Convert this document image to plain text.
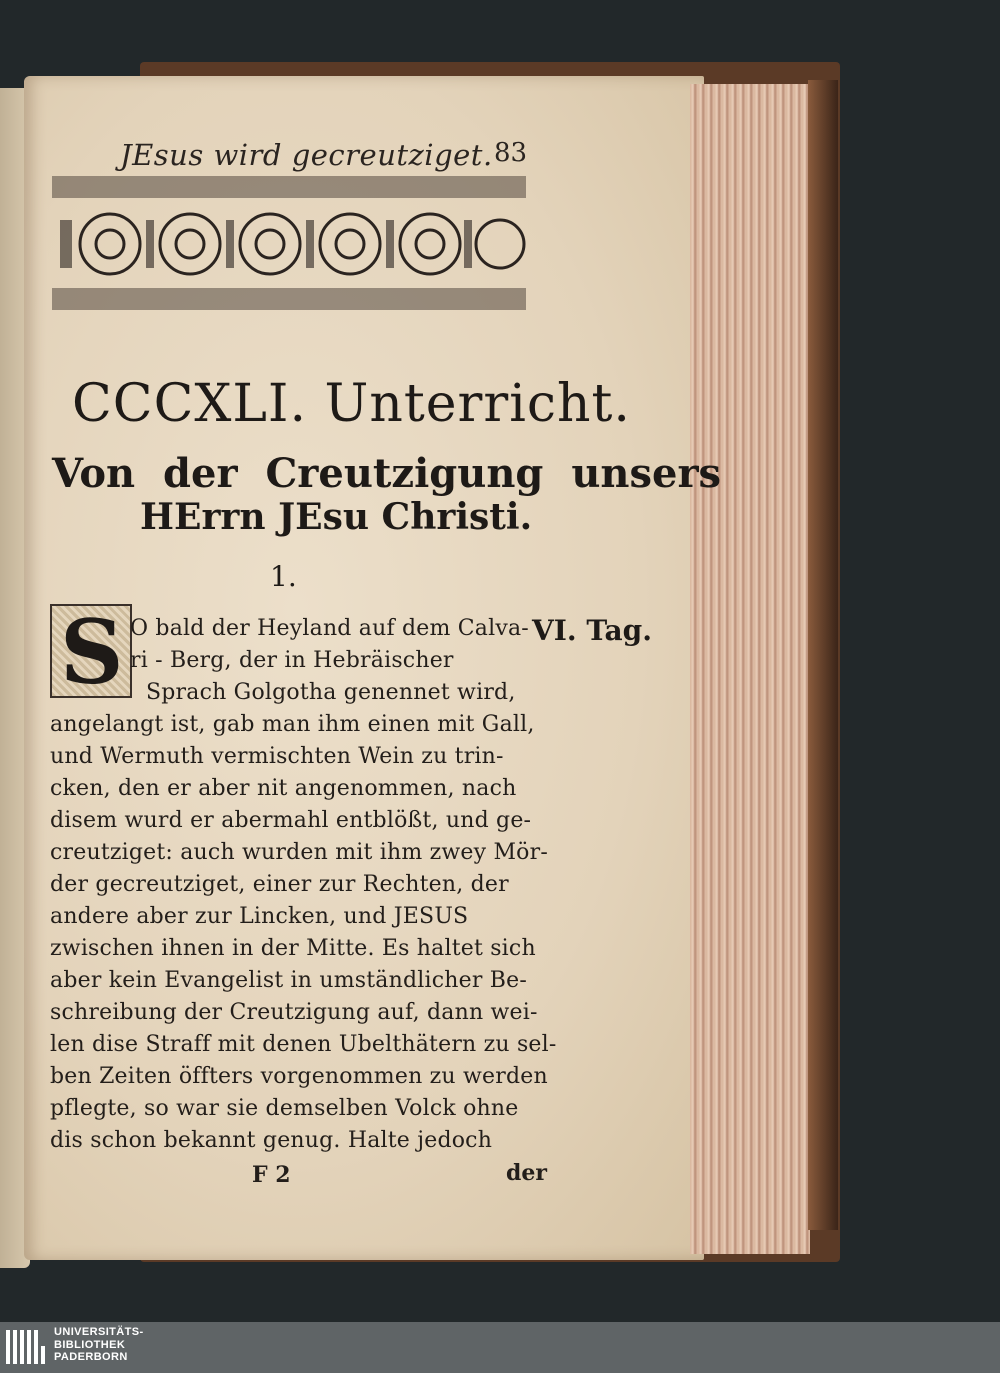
JEsus wird gecreutziget. 83
CCCXLI. Unterricht.
Von der Creutzigung unsers
HErrn JEsu Christi.
1.
VI. Tag.
S O bald der Heyland auf dem Calva-
ri - Berg, der in Hebräischer
Sprach Golgotha genennet wird,
angelangt ist, gab man ihm einen mit Gall,
und Wermuth vermischten Wein zu trin-
cken, den er aber nit angenommen, nach
disem wurd er abermahl entblößt, und ge-
creutziget: auch wurden mit ihm zwey Mör-
der gecreutziget, einer zur Rechten, der
andere aber zur Lincken, und JESUS
zwischen ihnen in der Mitte. Es haltet sich
aber kein Evangelist in umständlicher Be-
schreibung der Creutzigung auf, dann wei-
len dise Straff mit denen Ubelthätern zu sel-
ben Zeiten öffters vorgenommen zu werden
pflegte, so war sie demselben Volck ohne
dis schon bekannt genug. Halte jedoch
F 2	der
UNIVERSITÄTS-
BIBLIOTHEK
PADERBORN
